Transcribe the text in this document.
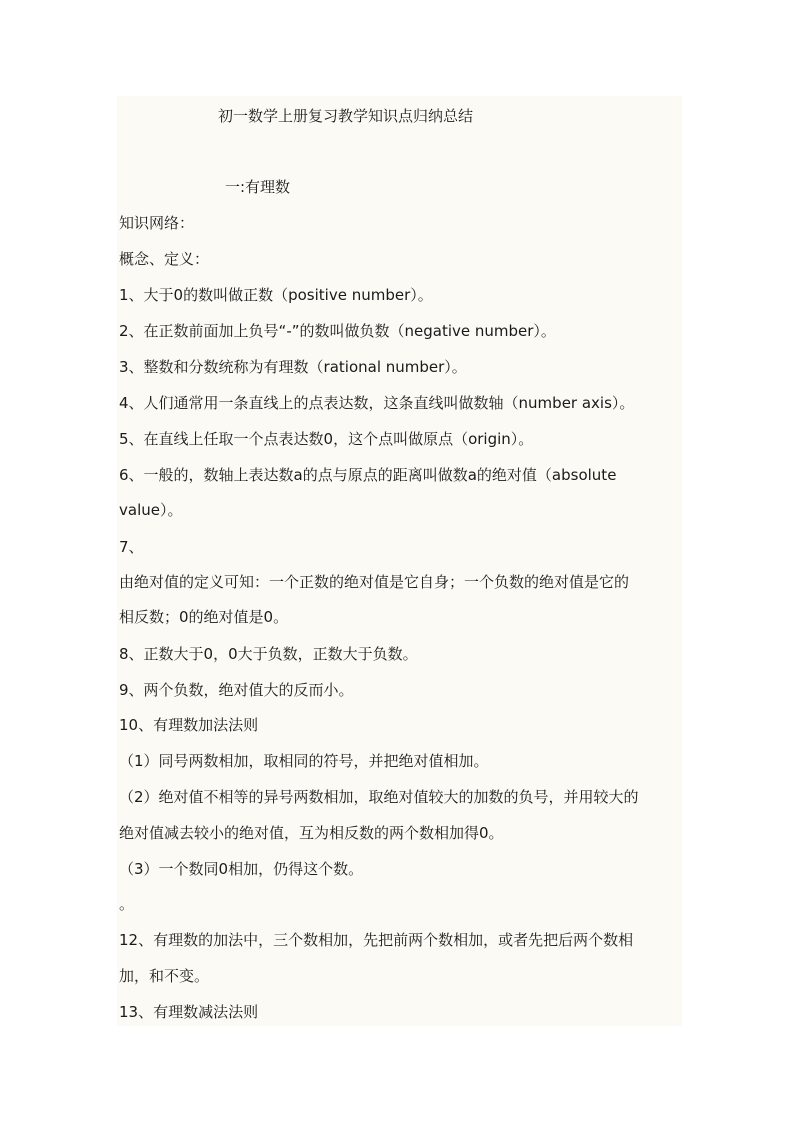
初一数学上册复习教学知识点归纳总结
一:有理数
知识网络：
概念、定义：
1、大于0的数叫做正数（positive number）。
2、在正数前面加上负号“-”的数叫做负数（negative number）。
3、整数和分数统称为有理数（rational number）。
4、人们通常用一条直线上的点表达数，这条直线叫做数轴（number axis）。
5、在直线上任取一个点表达数0，这个点叫做原点（origin）。
6、一般的，数轴上表达数a的点与原点的距离叫做数a的绝对值（absolute
value）。
7、
由绝对值的定义可知：一个正数的绝对值是它自身；一个负数的绝对值是它的
相反数；0的绝对值是0。
8、正数大于0，0大于负数，正数大于负数。
9、两个负数，绝对值大的反而小。
10、有理数加法法则
（1）同号两数相加，取相同的符号，并把绝对值相加。
（2）绝对值不相等的异号两数相加，取绝对值较大的加数的负号，并用较大的
绝对值减去较小的绝对值，互为相反数的两个数相加得0。
（3）一个数同0相加，仍得这个数。
。
12、有理数的加法中，三个数相加，先把前两个数相加，或者先把后两个数相
加，和不变。
13、有理数减法法则
